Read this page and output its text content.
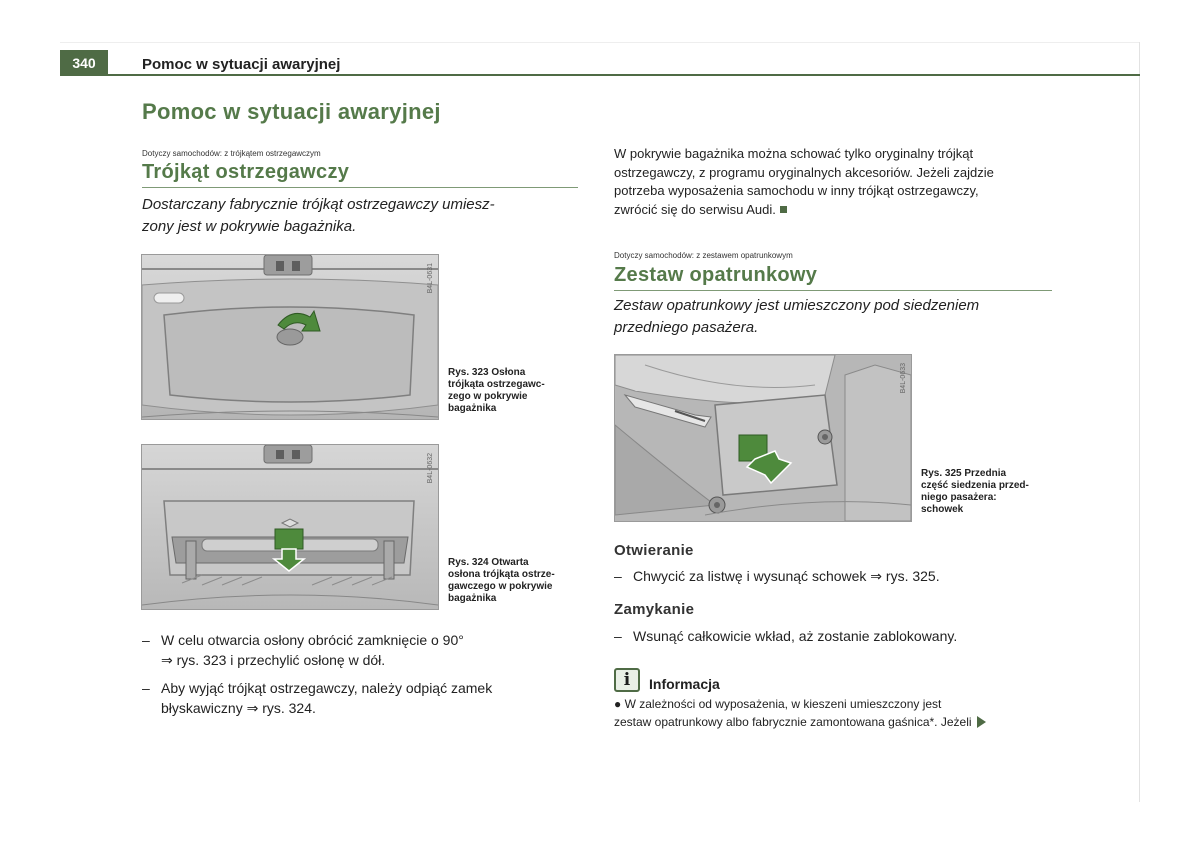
340	Pomoc w sytuacji awaryjnej
Pomoc w sytuacji awaryjnej
Dotyczy samochodów: z trójkątem ostrzegawczym
Trójkąt ostrzegawczy
Dostarczany fabrycznie trójkąt ostrzegawczy umiesz-
zony jest w pokrywie bagażnika.
B4L-0631
Rys. 323 Osłona
trójkąta ostrzegawc-
zego w pokrywie
bagażnika
B4L-0632
Rys. 324 Otwarta
osłona trójkąta ostrze-
gawczego w pokrywie
bagażnika
– W celu otwarcia osłony obrócić zamknięcie o 90°
⇒ rys. 323 i przechylić osłonę w dół.
– Aby wyjąć trójkąt ostrzegawczy, należy odpiąć zamek
błyskawiczny ⇒ rys. 324.
W pokrywie bagażnika można schować tylko oryginalny trójkąt
ostrzegawczy, z programu oryginalnych akcesoriów. Jeżeli zajdzie
potrzeba wyposażenia samochodu w inny trójkąt ostrzegawczy,
zwrócić się do serwisu Audi.
Dotyczy samochodów: z zestawem opatrunkowym
Zestaw opatrunkowy
Zestaw opatrunkowy jest umieszczony pod siedzeniem
przedniego pasażera.
B4L-0633
Rys. 325 Przednia
część siedzenia przed-
niego pasażera:
schowek
Otwieranie
– Chwycić za listwę i wysunąć schowek ⇒ rys. 325.
Zamykanie
– Wsunąć całkowicie wkład, aż zostanie zablokowany.
i Informacja
● W zależności od wyposażenia, w kieszeni umieszczony jest
zestaw opatrunkowy albo fabrycznie zamontowana gaśnica*. Jeżeli
